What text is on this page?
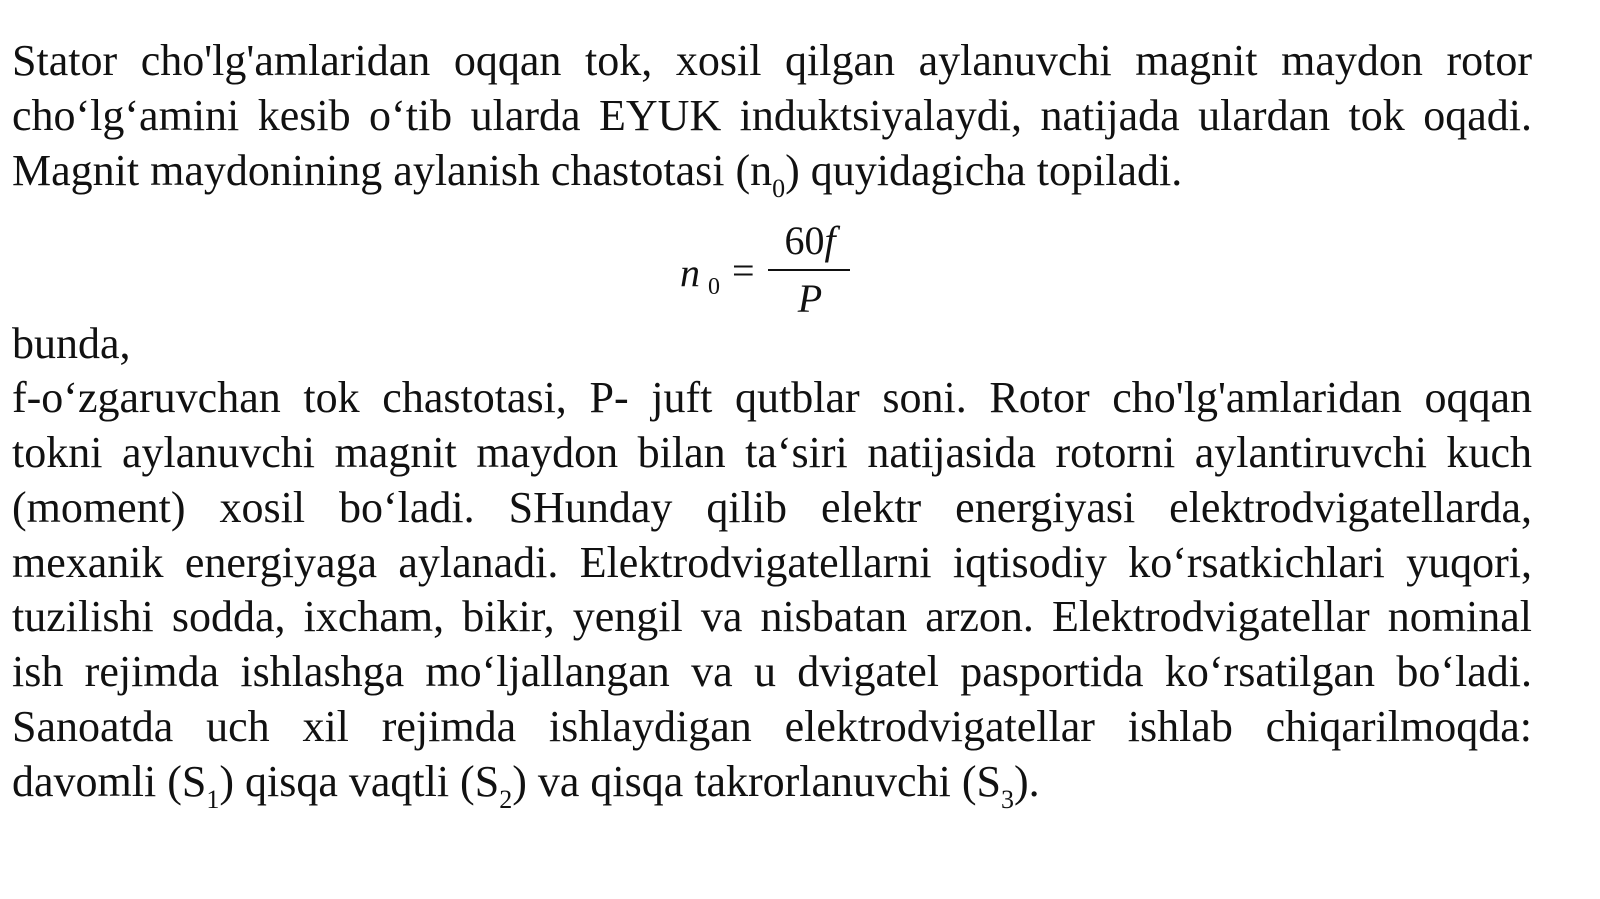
Stator cho'lg'amlaridan oqqan tok, xosil qilgan aylanuvchi magnit maydon rotor
cho‘lg‘amini kesib o‘tib ularda EYUK induktsiyalaydi, natijada ulardan tok oqadi.
Magnit maydonining aylanish chastotasi $(n_0)$ quyidagicha topiladi.
n 0 =
60f
P
bunda,
f-o‘zgaruvchan tok chastotasi, P- juft qutblar soni. Rotor cho'lg'amlaridan oqqan
tokni aylanuvchi magnit maydon bilan ta‘siri natijasida rotorni aylantiruvchi kuch
(moment) xosil bo‘ladi. SHunday qilib elektr energiyasi elektrodvigatellarda,
mexanik energiyaga aylanadi. Elektrodvigatellarni iqtisodiy ko‘rsatkichlari yuqori,
tuzilishi sodda, ixcham, bikir, yengil va nisbatan arzon. Elektrodvigatellar nominal
ish rejimda ishlashga mo‘ljallangan va u dvigatel pasportida ko‘rsatilgan bo‘ladi.
Sanoatda uch xil rejimda ishlaydigan elektrodvigatellar ishlab chiqarilmoqda:
davomli $(S_1)$ qisqa vaqtli $(S_2)$ va qisqa takrorlanuvchi $(S_3)$.
